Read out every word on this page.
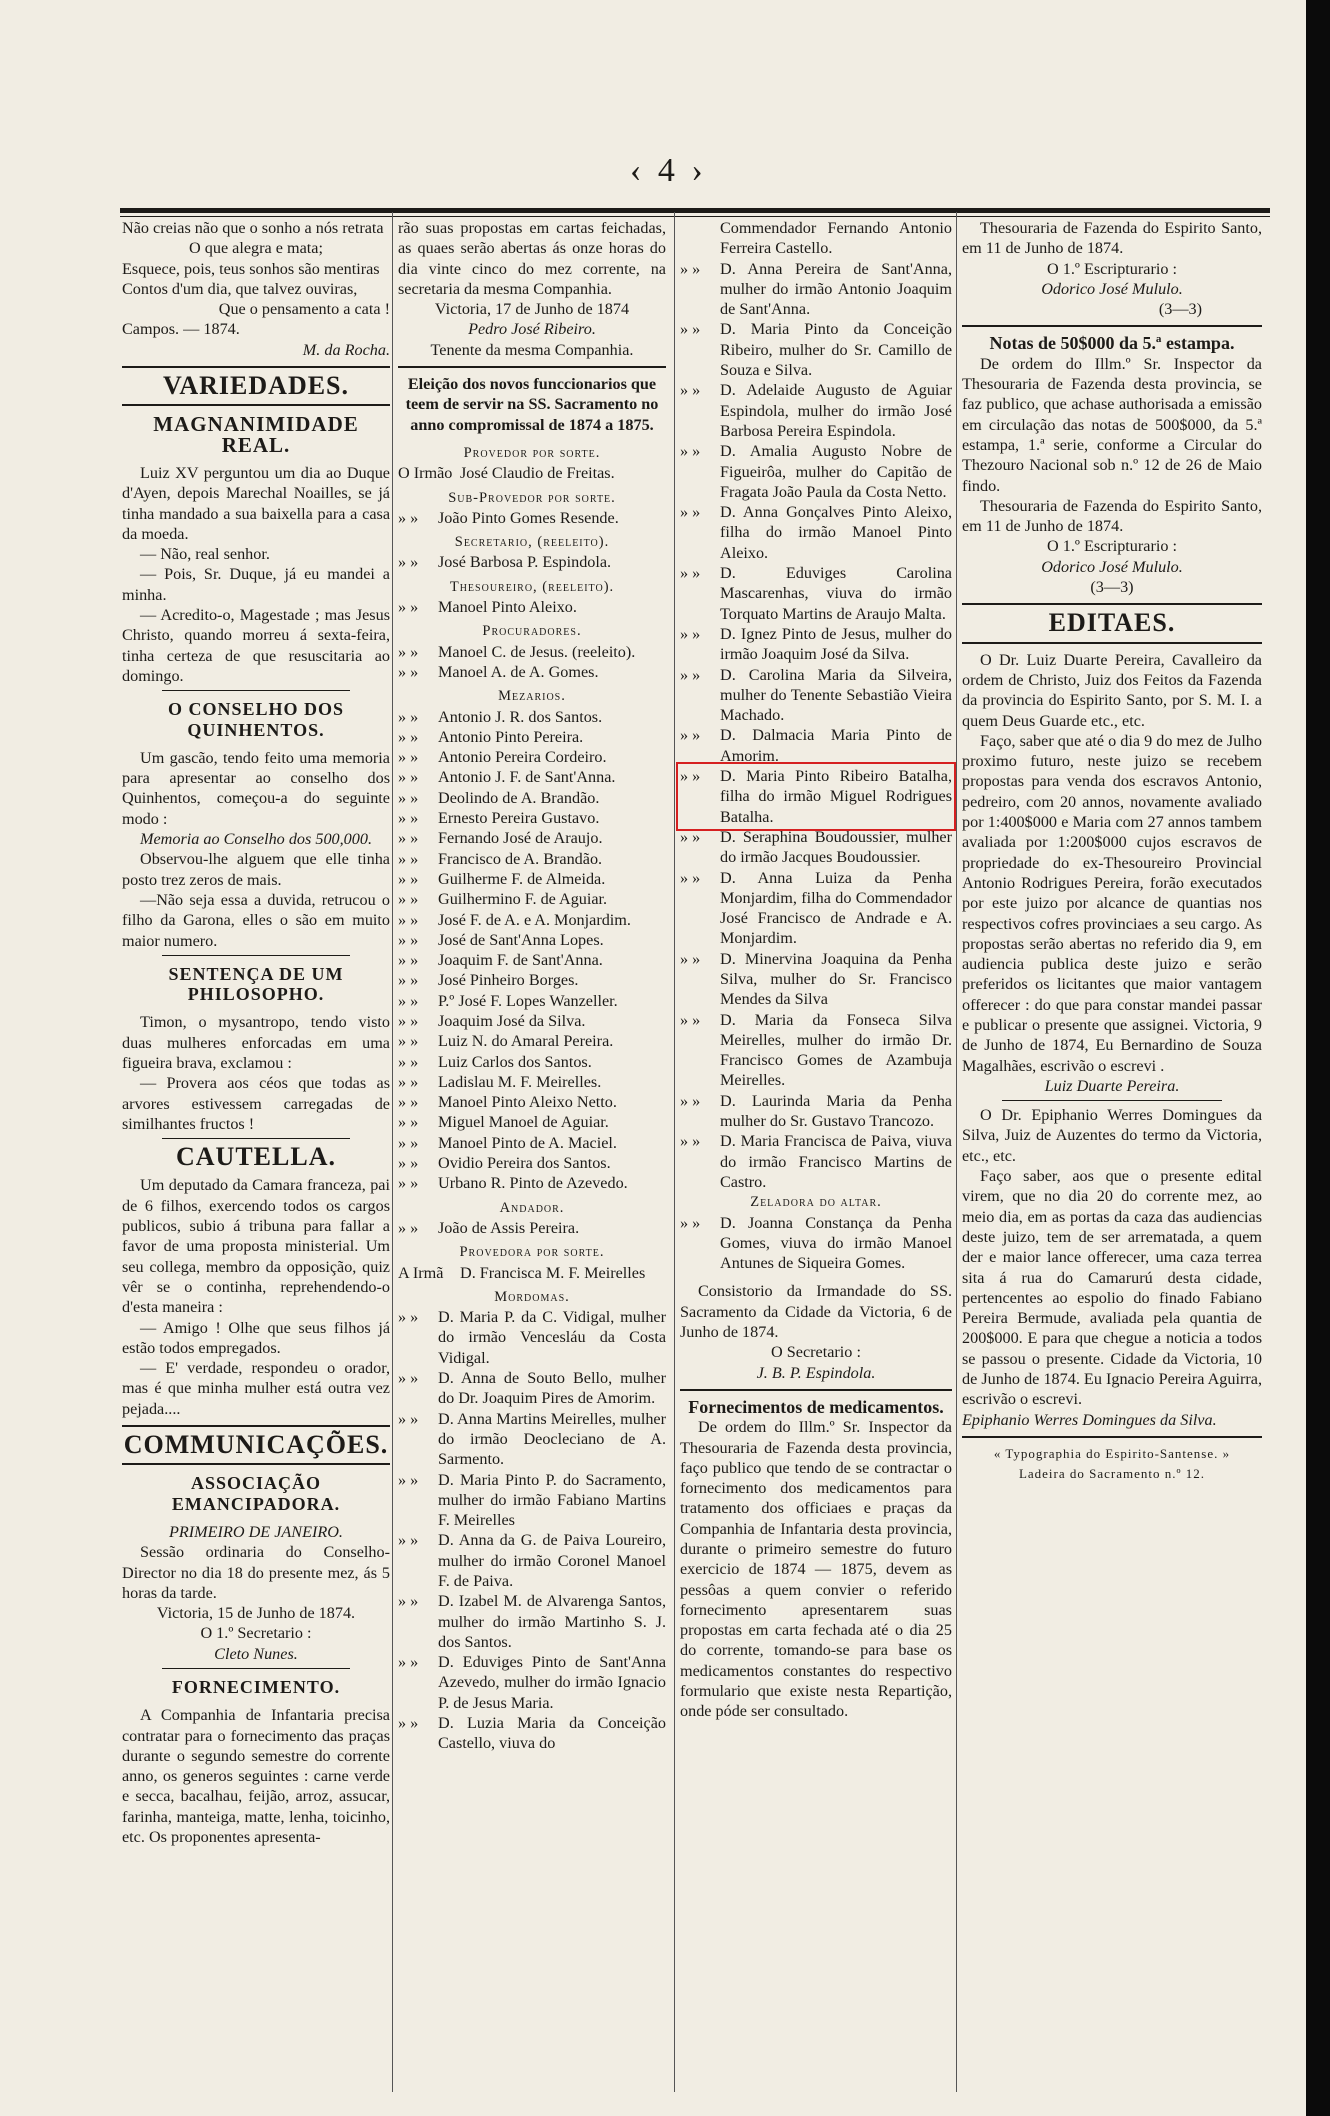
‹ 4 ›

Não creias não que o sonho a nós retrata

O que alegra e mata;

Esquece, pois, teus sonhos são mentiras

Contos d'um dia, que talvez ouviras,

Que o pensamento a cata !

Campos. — 1874.

M. da Rocha.

VARIEDADES.
MAGNANIMIDADE REAL.

Luiz XV perguntou um dia ao Duque d'Ayen, depois Marechal Noailles, se já tinha mandado a sua baixella para a casa da moeda.

— Não, real senhor.

— Pois, Sr. Duque, já eu mandei a minha.

— Acredito-o, Magestade ; mas Jesus Christo, quando morreu á sexta-feira, tinha certeza de que resuscitaria ao domingo.

O CONSELHO DOS QUINHENTOS.

Um gascão, tendo feito uma memoria para apresentar ao conselho dos Quinhentos, começou-a do seguinte modo :

Memoria ao Conselho dos 500,000.

Observou-lhe alguem que elle tinha posto trez zeros de mais.

—Não seja essa a duvida, retrucou o filho da Garona, elles o são em muito maior numero.

SENTENÇA DE UM PHILOSOPHO.

Timon, o mysantropo, tendo visto duas mulheres enforcadas em uma figueira brava, exclamou :

— Provera aos céos que todas as arvores estivessem carregadas de similhantes fructos !

CAUTELLA.

Um deputado da Camara franceza, pai de 6 filhos, exercendo todos os cargos publicos, subio á tribuna para fallar a favor de uma proposta ministerial. Um seu collega, membro da opposição, quiz vêr se o continha, reprehendendo-o d'esta maneira :

— Amigo ! Olhe que seus filhos já estão todos empregados.

— E' verdade, respondeu o orador, mas é que minha mulher está outra vez pejada....

COMMUNICAÇÕES.
ASSOCIAÇÃO EMANCIPADORA.

PRIMEIRO DE JANEIRO.

Sessão ordinaria do Conselho-Director no dia 18 do presente mez, ás 5 horas da tarde.

Victoria, 15 de Junho de 1874.

O 1.º Secretario :

Cleto Nunes.

FORNECIMENTO.

A Companhia de Infantaria precisa contratar para o fornecimento das praças durante o segundo semestre do corrente anno, os generos seguintes : carne verde e secca, bacalhau, feijão, arroz, assucar, farinha, manteiga, matte, lenha, toicinho, etc. Os proponentes apresenta-

rão suas propostas em cartas feichadas, as quaes serão abertas ás onze horas do dia vinte cinco do mez corrente, na secretaria da mesma Companhia.

Victoria, 17 de Junho de 1874

Pedro José Ribeiro.

Tenente da mesma Companhia.

Eleição dos novos funccionarios que teem de servir na SS. Sacramento no anno compromissal de 1874 a 1875.

Provedor por sorte.

O Irmão José Claudio de Freitas.

Sub-Provedor por sorte.

» »	João Pinto Gomes Resende.

Secretario, (reeleito).

» »	José Barbosa P. Espindola.

Thesoureiro, (reeleito).

» »	Manoel Pinto Aleixo.

Procuradores.

» »	Manoel C. de Jesus. (reeleito).
» »	Manoel A. de A. Gomes.

Mezarios.

» »	Antonio J. R. dos Santos.
» »	Antonio Pinto Pereira.
» »	Antonio Pereira Cordeiro.
» »	Antonio J. F. de Sant'Anna.
» »	Deolindo de A. Brandão.
» »	Ernesto Pereira Gustavo.
» »	Fernando José de Araujo.
» »	Francisco de A. Brandão.
» »	Guilherme F. de Almeida.
» »	Guilhermino F. de Aguiar.
» »	José F. de A. e A. Monjardim.
» »	José de Sant'Anna Lopes.
» »	Joaquim F. de Sant'Anna.
» »	José Pinheiro Borges.
» »	P.º José F. Lopes Wanzeller.
» »	Joaquim José da Silva.
» »	Luiz N. do Amaral Pereira.
» »	Luiz Carlos dos Santos.
» »	Ladislau M. F. Meirelles.
» »	Manoel Pinto Aleixo Netto.
» »	Miguel Manoel de Aguiar.
» »	Manoel Pinto de A. Maciel.
» »	Ovidio Pereira dos Santos.
» »	Urbano R. Pinto de Azevedo.

Andador.

» »	João de Assis Pereira.

Provedora por sorte.

A Irmã	D. Francisca M. F. Meirelles

Mordomas.

» »	D. Maria P. da C. Vidigal, mulher do irmão Vencesláu da Costa Vidigal.
» »	D. Anna de Souto Bello, mulher do Dr. Joaquim Pires de Amorim.
» »	D. Anna Martins Meirelles, mulher do irmão Deocleciano de A. Sarmento.
» »	D. Maria Pinto P. do Sacramento, mulher do irmão Fabiano Martins F. Meirelles
» »	D. Anna da G. de Paiva Loureiro, mulher do irmão Coronel Manoel F. de Paiva.
» »	D. Izabel M. de Alvarenga Santos, mulher do irmão Martinho S. J. dos Santos.
» »	D. Eduviges Pinto de Sant'Anna Azevedo, mulher do irmão Ignacio P. de Jesus Maria.
» »	D. Luzia Maria da Conceição Castello, viuva do
Commendador Fernando Antonio Ferreira Castello.
» »	D. Anna Pereira de Sant'Anna, mulher do irmão Antonio Joaquim de Sant'Anna.
» »	D. Maria Pinto da Conceição Ribeiro, mulher do Sr. Camillo de Souza e Silva.
» »	D. Adelaide Augusto de Aguiar Espindola, mulher do irmão José Barbosa Pereira Espindola.
» »	D. Amalia Augusto Nobre de Figueirôa, mulher do Capitão de Fragata João Paula da Costa Netto.
» »	D. Anna Gonçalves Pinto Aleixo, filha do irmão Manoel Pinto Aleixo.
» »	D. Eduviges Carolina Mascarenhas, viuva do irmão Torquato Martins de Araujo Malta.
» »	D. Ignez Pinto de Jesus, mulher do irmão Joaquim José da Silva.
» »	D. Carolina Maria da Silveira, mulher do Tenente Sebastião Vieira Machado.
» »	D. Dalmacia Maria Pinto de Amorim.
» »	D. Maria Pinto Ribeiro Batalha, filha do irmão Miguel Rodrigues Batalha.
» »	D. Seraphina Boudoussier, mulher do irmão Jacques Boudoussier.
» »	D. Anna Luiza da Penha Monjardim, filha do Commendador José Francisco de Andrade e A. Monjardim.
» »	D. Minervina Joaquina da Penha Silva, mulher do Sr. Francisco Mendes da Silva
» »	D. Maria da Fonseca Silva Meirelles, mulher do irmão Dr. Francisco Gomes de Azambuja Meirelles.
» »	D. Laurinda Maria da Penha mulher do Sr. Gustavo Trancozo.
» »	D. Maria Francisca de Paiva, viuva do irmão Francisco Martins de Castro.

Zeladora do altar.

» »	D. Joanna Constança da Penha Gomes, viuva do irmão Manoel Antunes de Siqueira Gomes.

Consistorio da Irmandade do SS. Sacramento da Cidade da Victoria, 6 de Junho de 1874.

O Secretario :

J. B. P. Espindola.

Fornecimentos de medicamentos.

De ordem do Illm.º Sr. Inspector da Thesouraria de Fazenda desta provincia, faço publico que tendo de se contractar o fornecimento dos medicamentos para tratamento dos officiaes e praças da Companhia de Infantaria desta provincia, durante o primeiro semestre do futuro exercicio de 1874 — 1875, devem as pessôas a quem convier o referido fornecimento apresentarem suas propostas em carta fechada até o dia 25 do corrente, tomando-se para base os medicamentos constantes do respectivo formulario que existe nesta Repartição, onde póde ser consultado.

Thesouraria de Fazenda do Espirito Santo, em 11 de Junho de 1874.

O 1.º Escripturario :

Odorico José Mululo.

(3—3)

Notas de 50$000 da 5.ª estampa.

De ordem do Illm.º Sr. Inspector da Thesouraria de Fazenda desta provincia, se faz publico, que achase authorisada a emissão em circulação das notas de 500$000, da 5.ª estampa, 1.ª serie, conforme a Circular do Thezouro Nacional sob n.º 12 de 26 de Maio findo.

Thesouraria de Fazenda do Espirito Santo, em 11 de Junho de 1874.

O 1.º Escripturario :

Odorico José Mululo.

(3—3)

EDITAES.

O Dr. Luiz Duarte Pereira, Cavalleiro da ordem de Christo, Juiz dos Feitos da Fazenda da provincia do Espirito Santo, por S. M. I. a quem Deus Guarde etc., etc.

Faço, saber que até o dia 9 do mez de Julho proximo futuro, neste juizo se recebem propostas para venda dos escravos Antonio, pedreiro, com 20 annos, novamente avaliado por 1:400$000 e Maria com 27 annos tambem avaliada por 1:200$000 cujos escravos de propriedade do ex-Thesoureiro Provincial Antonio Rodrigues Pereira, forão executados por este juizo por alcance de quantias nos respectivos cofres provinciaes a seu cargo. As propostas serão abertas no referido dia 9, em audiencia publica deste juizo e serão preferidos os licitantes que maior vantagem offerecer : do que para constar mandei passar e publicar o presente que assignei. Victoria, 9 de Junho de 1874, Eu Bernardino de Souza Magalhães, escrivão o escrevi .

Luiz Duarte Pereira.

O Dr. Epiphanio Werres Domingues da Silva, Juiz de Auzentes do termo da Victoria, etc., etc.

Faço saber, aos que o presente edital virem, que no dia 20 do corrente mez, ao meio dia, em as portas da caza das audiencias deste juizo, tem de ser arrematada, a quem der e maior lance offerecer, uma caza terrea sita á rua do Camarurú desta cidade, pertencentes ao espolio do finado Fabiano Pereira Bermude, avaliada pela quantia de 200$000. E para que chegue a noticia a todos se passou o presente. Cidade da Victoria, 10 de Junho de 1874. Eu Ignacio Pereira Aguirra, escrivão o escrevi.

Epiphanio Werres Domingues da Silva.

« Typographia do Espirito-Santense. »

Ladeira do Sacramento n.º 12.
